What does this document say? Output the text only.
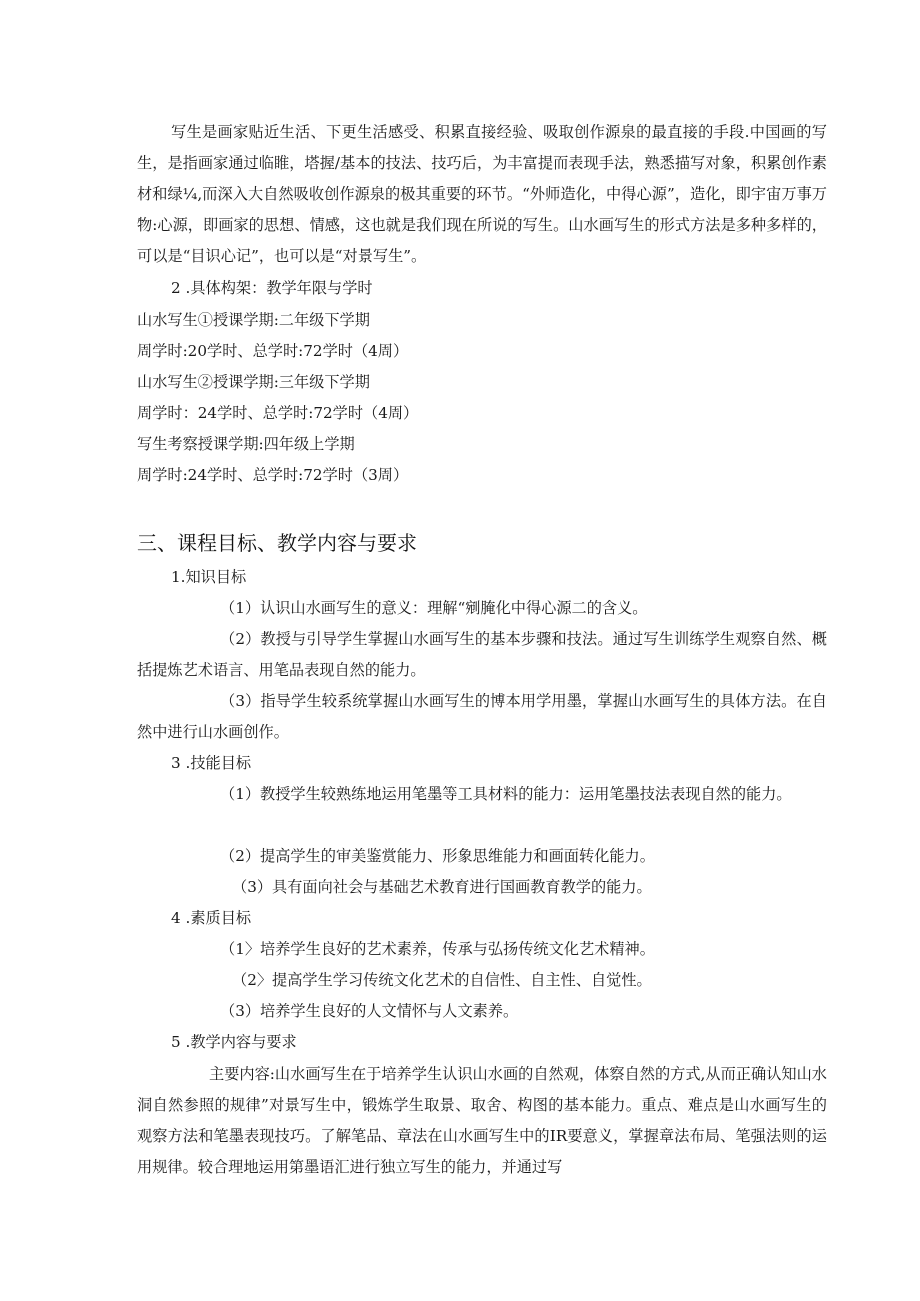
写生是画家贴近生活、下更生活感受、积累直接经验、吸取创作源泉的最直接的手段.中国画的写生，是指画家通过临睢，塔握/基本的技法、技巧后，为丰富提而表现手法，熟悉描写对象，积累创作素材和绿¼,而深入大自然吸收创作源泉的极其重要的环节。“外师造化，中得心源”，造化，即宇宙万事万物:心源，即画家的思想、情感，这也就是我们现在所说的写生。山水画写生的形式方法是多种多样的，可以是“目识心记”，也可以是“对景写生”。
2 .具体构架：教学年限与学时
山水写生①授课学期:二年级下学期
周学时:20学时、总学时:72学时（4周）
山水写生②授课学期:三年级下学期
周学时：24学时、总学时:72学时（4周）
写生考察授课学期:四年级上学期
周学时:24学时、总学时:72学时（3周）
三、课程目标、教学内容与要求
1.知识目标
（1）认识山水画写生的意义：理解“剜腌化中得心源二的含义。
（2）教授与引导学生掌握山水画写生的基本步骤和技法。通过写生训练学生观察自然、概括提炼艺术语言、用笔品表现自然的能力。
（3）指导学生较系统掌握山水画写生的博本用学用墨，掌握山水画写生的具体方法。在自然中进行山水画创作。
3 .技能目标
（1）教授学生较熟练地运用笔墨等工具材料的能力：运用笔墨技法表现自然的能力。
（2）提高学生的审美鉴赏能力、形象思维能力和画面转化能力。
（3）具有面向社会与基础艺术教育进行国画教育教学的能力。
4 .素质目标
（1〉培养学生良好的艺术素养，传承与弘扬传统文化艺术精神。
（2〉提高学生学习传统文化艺术的自信性、自主性、自觉性。
（3）培养学生良好的人文情怀与人文素养。
5 .教学内容与要求
主要内容:山水画写生在于培养学生认识山水画的自然观，体察自然的方式,从而正确认知山水洞自然参照的规律”对景写生中，锻炼学生取景、取舍、构图的基本能力。重点、难点是山水画写生的观察方法和笔墨表现技巧。了解笔品、章法在山水画写生中的IR要意义，掌握章法布局、笔强法则的运用规律。较合理地运用第墨语汇进行独立写生的能力，并通过写
